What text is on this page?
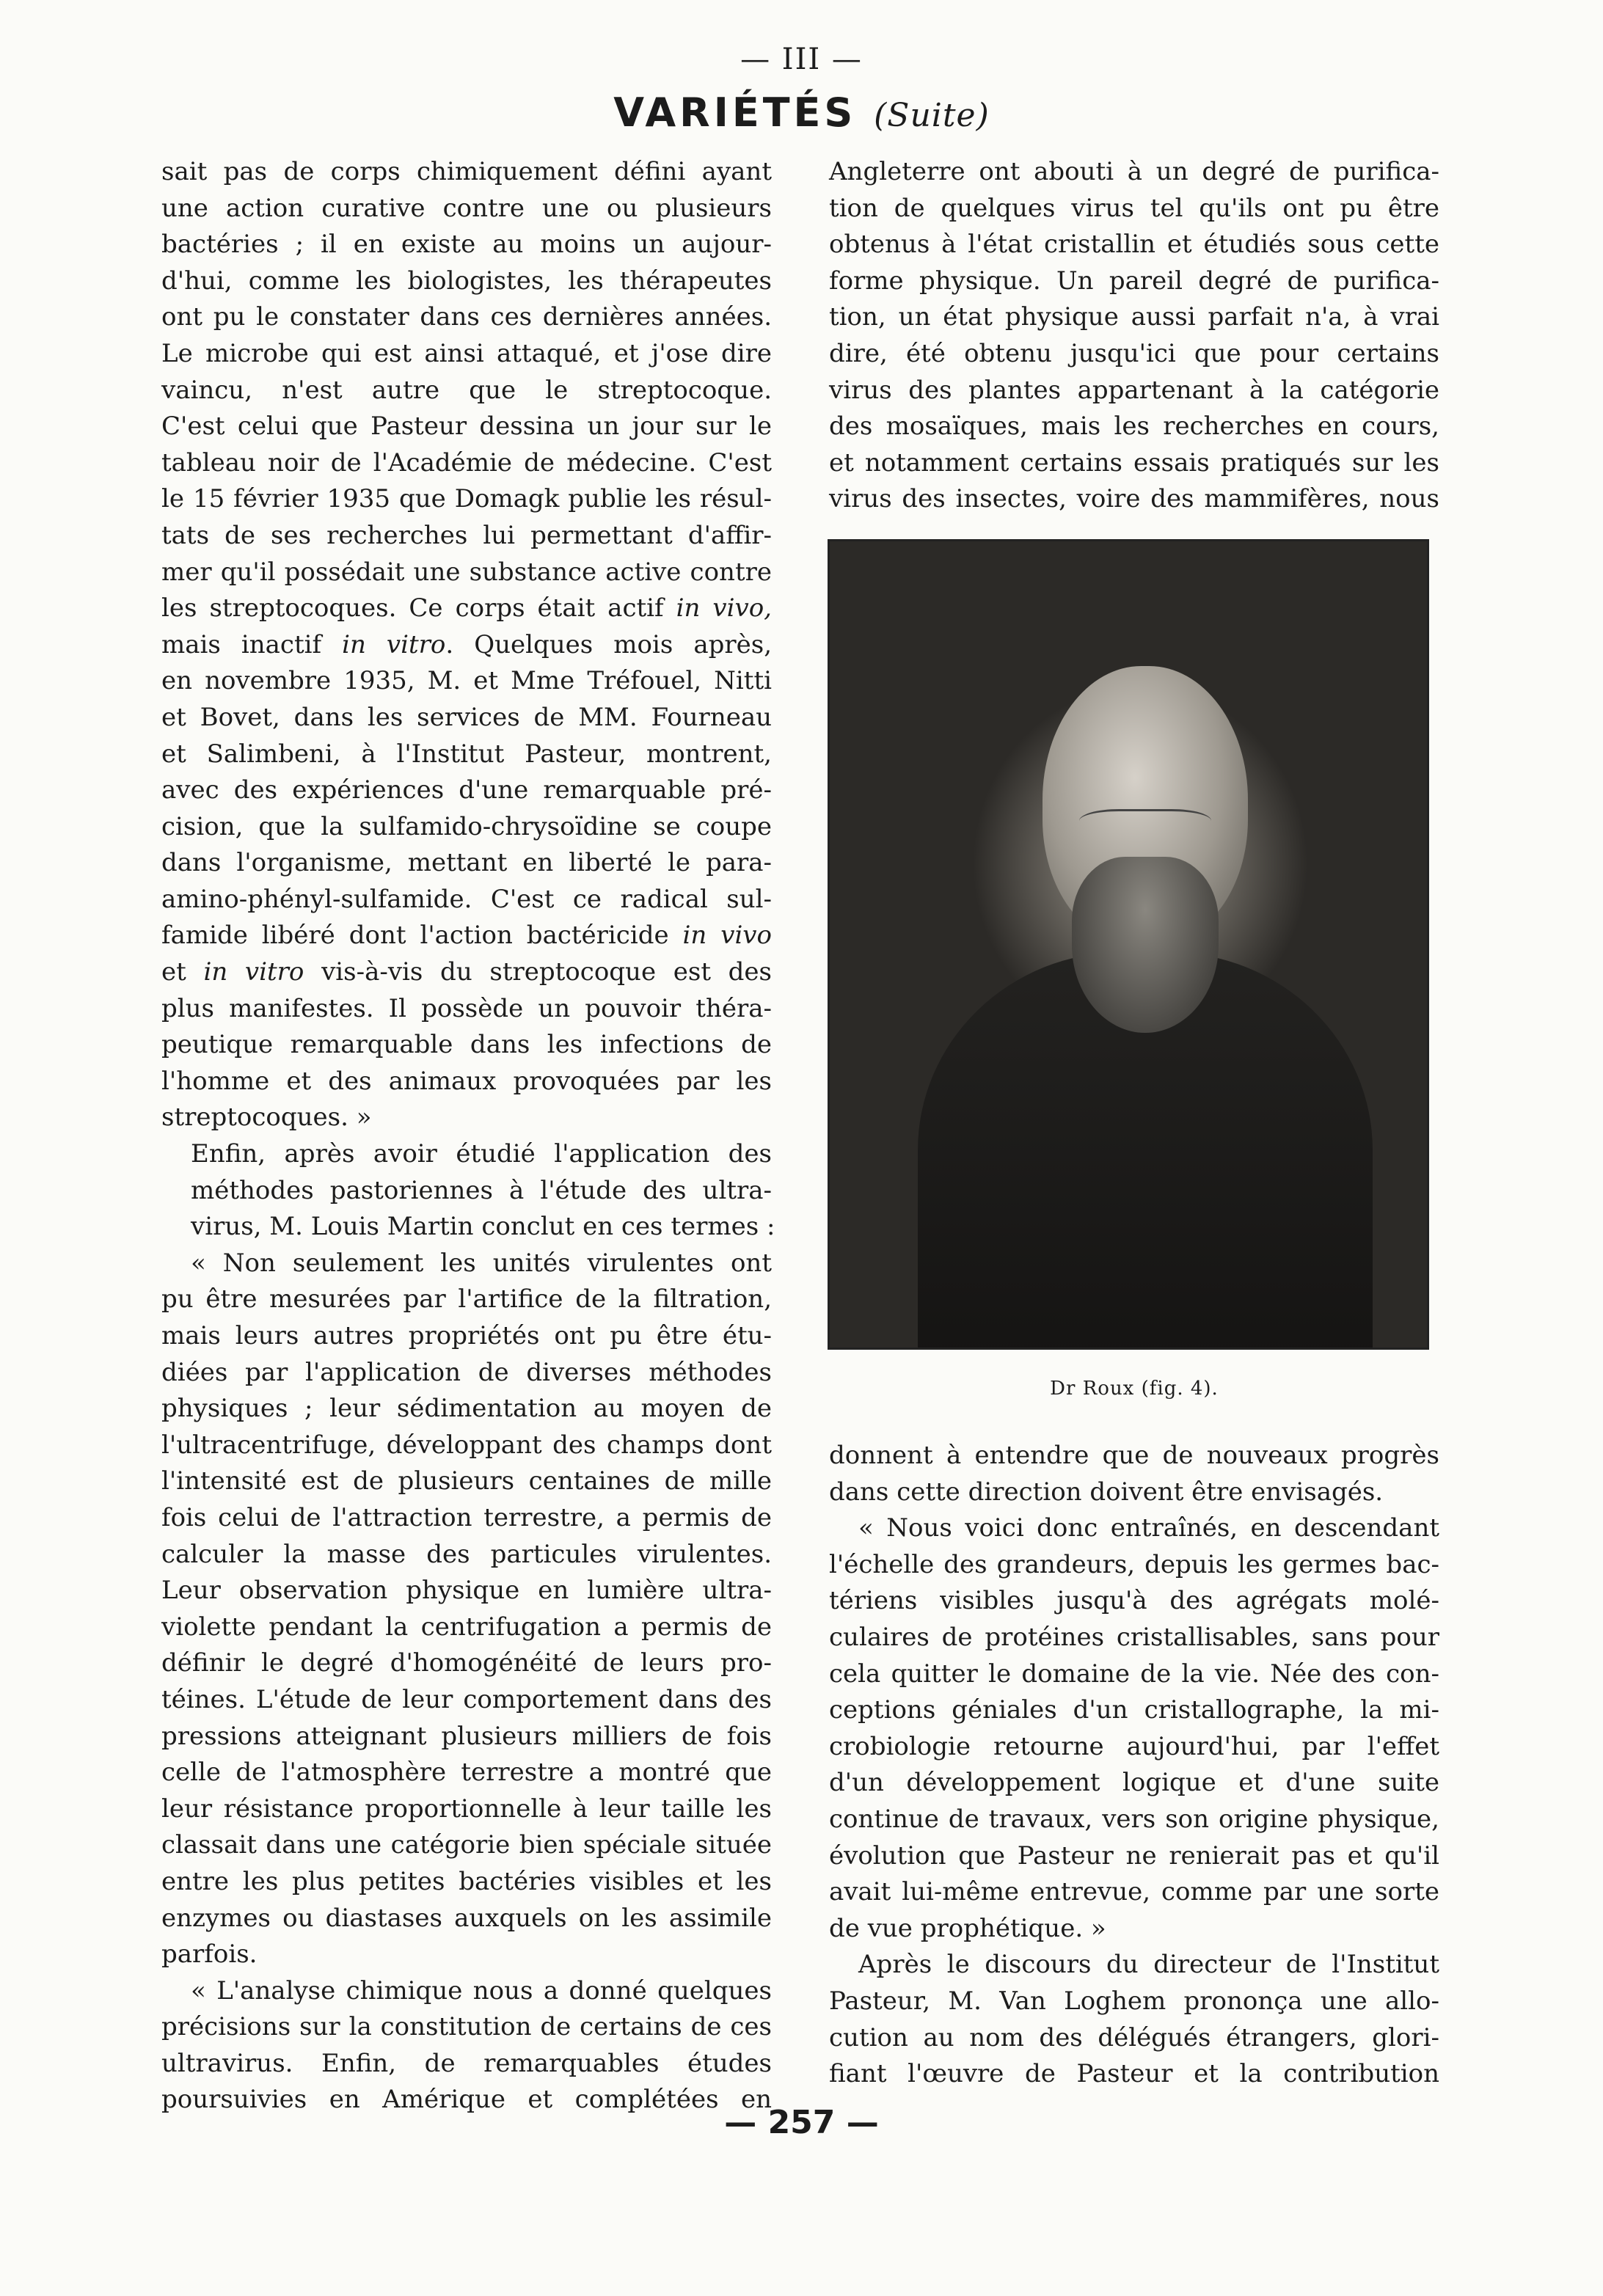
— III —
VARIÉTÉS (Suite)

sait pas de corps chimiquement défini ayant
une action curative contre une ou plusieurs
bactéries ; il en existe au moins un aujour-
d'hui, comme les biologistes, les thérapeutes
ont pu le constater dans ces dernières années.
Le microbe qui est ainsi attaqué, et j'ose dire
vaincu, n'est autre que le streptocoque.
C'est celui que Pasteur dessina un jour sur le
tableau noir de l'Académie de médecine. C'est
le 15 février 1935 que Domagk publie les résul-
tats de ses recherches lui permettant d'affir-
mer qu'il possédait une substance active contre
les streptocoques. Ce corps était actif in vivo,
mais inactif in vitro. Quelques mois après,
en novembre 1935, M. et Mme Tréfouel, Nitti
et Bovet, dans les services de MM. Fourneau
et Salimbeni, à l'Institut Pasteur, montrent,
avec des expériences d'une remarquable pré-
cision, que la sulfamido-chrysoïdine se coupe
dans l'organisme, mettant en liberté le para-
amino-phényl-sulfamide. C'est ce radical sul-
famide libéré dont l'action bactéricide in vivo
et in vitro vis-à-vis du streptocoque est des
plus manifestes. Il possède un pouvoir théra-
peutique remarquable dans les infections de
l'homme et des animaux provoquées par les
streptocoques. »

Enfin, après avoir étudié l'application des
méthodes pastoriennes à l'étude des ultra-
virus, M. Louis Martin conclut en ces termes :

« Non seulement les unités virulentes ont
pu être mesurées par l'artifice de la filtration,
mais leurs autres propriétés ont pu être étu-
diées par l'application de diverses méthodes
physiques ; leur sédimentation au moyen de
l'ultracentrifuge, développant des champs dont
l'intensité est de plusieurs centaines de mille
fois celui de l'attraction terrestre, a permis de
calculer la masse des particules virulentes.
Leur observation physique en lumière ultra-
violette pendant la centrifugation a permis de
définir le degré d'homogénéité de leurs pro-
téines. L'étude de leur comportement dans des
pressions atteignant plusieurs milliers de fois
celle de l'atmosphère terrestre a montré que
leur résistance proportionnelle à leur taille les
classait dans une catégorie bien spéciale située
entre les plus petites bactéries visibles et les
enzymes ou diastases auxquels on les assimile
parfois.

« L'analyse chimique nous a donné quelques
précisions sur la constitution de certains de ces
ultravirus. Enfin, de remarquables études
poursuivies en Amérique et complétées en

Angleterre ont abouti à un degré de purifica-
tion de quelques virus tel qu'ils ont pu être
obtenus à l'état cristallin et étudiés sous cette
forme physique. Un pareil degré de purifica-
tion, un état physique aussi parfait n'a, à vrai
dire, été obtenu jusqu'ici que pour certains
virus des plantes appartenant à la catégorie
des mosaïques, mais les recherches en cours,
et notamment certains essais pratiqués sur les
virus des insectes, voire des mammifères, nous

Dr Roux (fig. 4).

donnent à entendre que de nouveaux progrès
dans cette direction doivent être envisagés.

« Nous voici donc entraînés, en descendant
l'échelle des grandeurs, depuis les germes bac-
tériens visibles jusqu'à des agrégats molé-
culaires de protéines cristallisables, sans pour
cela quitter le domaine de la vie. Née des con-
ceptions géniales d'un cristallographe, la mi-
crobiologie retourne aujourd'hui, par l'effet
d'un développement logique et d'une suite
continue de travaux, vers son origine physique,
évolution que Pasteur ne renierait pas et qu'il
avait lui-même entrevue, comme par une sorte
de vue prophétique. »

Après le discours du directeur de l'Institut
Pasteur, M. Van Loghem prononça une allo-
cution au nom des délégués étrangers, glori-
fiant l'œuvre de Pasteur et la contribution

— 257 —
